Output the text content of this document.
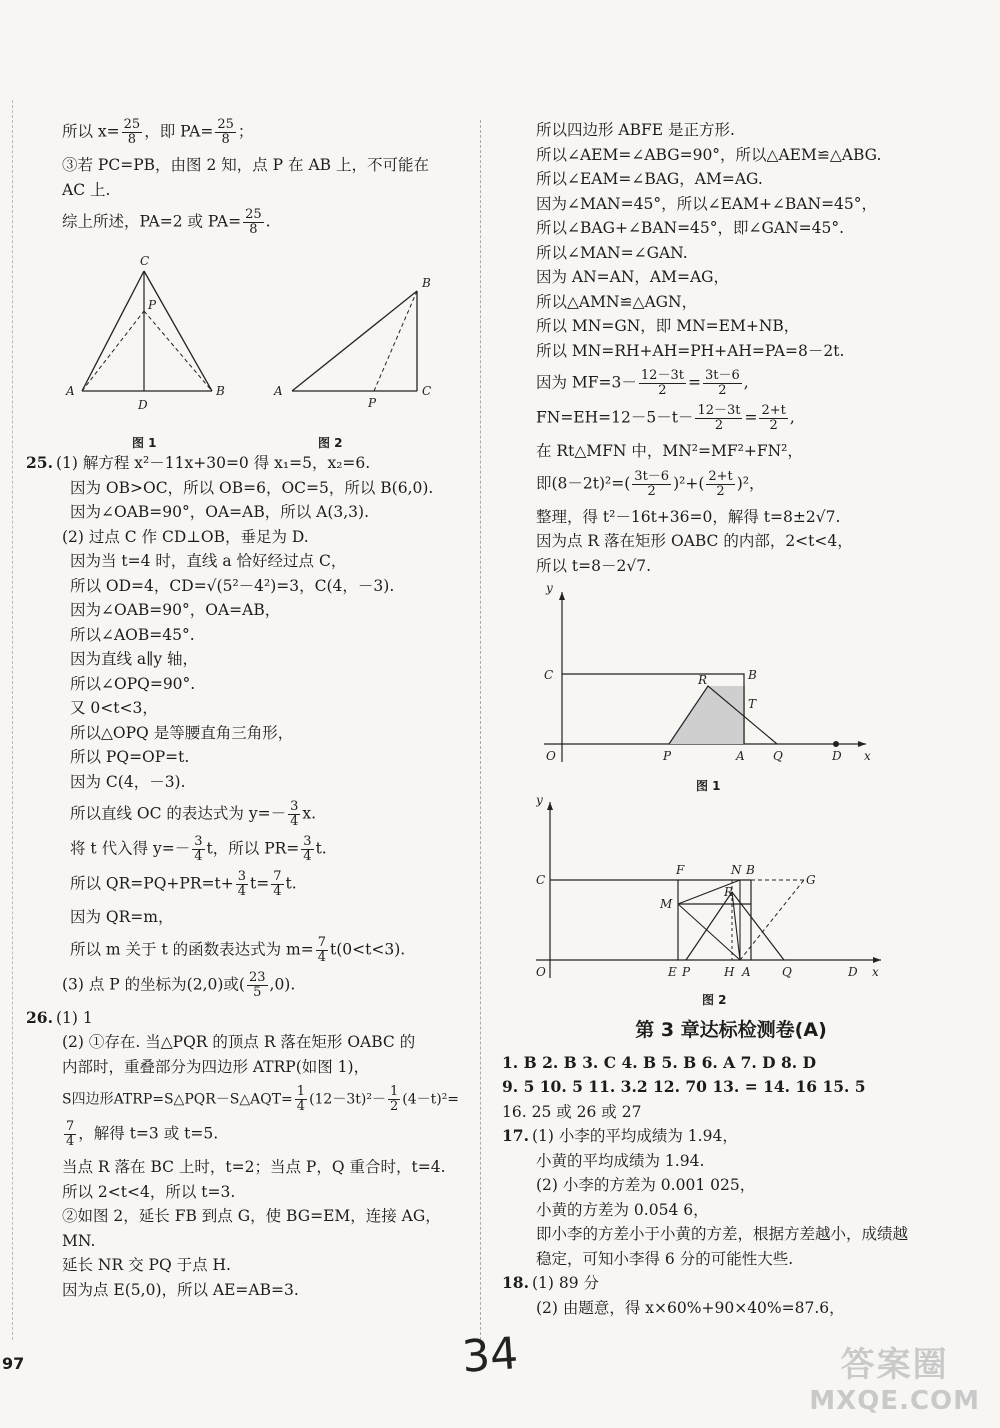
所以 $x= \frac{25}{8}$ ，即 $PA= \frac{25}{8}$ ；
③若 PC=PB，由图 2 知，点 P 在 AB 上，不可能在
AC 上.
综上所述，PA=2 或 $PA= \frac{25}{8}$ .
C
P
A
D
B
B
A
P
C
图 1	图 2
25. (1) 解方程 x²－11x+30=0 得 x₁=5，x₂=6.
因为 OB>OC，所以 OB=6，OC=5，所以 B(6,0).
因为∠OAB=90°，OA=AB，所以 A(3,3).
(2) 过点 C 作 CD⊥OB，垂足为 D.
因为当 t=4 时，直线 a 恰好经过点 C，
所以 OD=4，CD=√(5²－4²)=3，C(4，－3).
因为∠OAB=90°，OA=AB，
所以∠AOB=45°.
因为直线 a∥y 轴，
所以∠OPQ=90°.
又 0<t<3，
所以△OPQ 是等腰直角三角形，
所以 PQ=OP=t.
因为 C(4，－3).
所以直线 OC 的表达式为 $y=- \frac{3}{4} x$.
将 t 代入得 $y=- \frac{3}{4}$ t，所以 $PR= \frac{3}{4} t$.
所以 $QR=PQ+PR=t+ \frac{3}{4} t= \frac{7}{4} t$.
因为 QR=m，
所以 m 关于 t 的函数表达式为 $m= \frac{7}{4} t(0<t<3)$.
(3) 点 P 的坐标为(2,0)或( $\frac{23}{5} ,0$).
26. (1) 1
(2) ①存在. 当△PQR 的顶点 R 落在矩形 OABC 的
内部时，重叠部分为四边形 ATRP(如图 1)，
S四边形ATRP=S△PQR－S△AQT= $\frac{1}{4} (12-3t)^2- \frac{1}{2} (4-t)^2=$
$\frac{7}{4}$ ，解得 t=3 或 t=5.
当点 R 落在 BC 上时，t=2；当点 P，Q 重合时，t=4.
所以 2<t<4，所以 t=3.
②如图 2，延长 FB 到点 G，使 BG=EM，连接 AG，
MN.
延长 NR 交 PQ 于点 H.
因为点 E(5,0)，所以 AE=AB=3.
所以四边形 ABFE 是正方形.
所以∠AEM=∠ABG=90°，所以△AEM≌△ABG.
所以∠EAM=∠BAG，AM=AG.
因为∠MAN=45°，所以∠EAM+∠BAN=45°，
所以∠BAG+∠BAN=45°，即∠GAN=45°.
所以∠MAN=∠GAN.
因为 AN=AN，AM=AG，
所以△AMN≌△AGN，
所以 MN=GN，即 MN=EM+NB，
所以 MN=RH+AH=PH+AH=PA=8－2t.
因为 $MF=3- \frac{12-3t}{2} = \frac{3t-6}{2}$ ,
$FN=EH=12-5-t- \frac{12-3t}{2} = \frac{2+t}{2}$ ,
在 Rt△MFN 中，MN²=MF²+FN²，
即$(8-2t)^2=( \frac{3t-6}{2} )^2+( \frac{2+t}{2} )^2$，
整理，得 t²－16t+36=0，解得 t=8±2√7.
因为点 R 落在矩形 OABC 的内部，2<t<4，
所以 t=8－2√7.
y
C	B
R
T
O	P	A Q	D x
图 1
y
C
F	N B
G
M
R
O	E P	H A	Q	D x
图 2
第 3 章达标检测卷(A)
1. B 2. B 3. C 4. B 5. B 6. A 7. D 8. D
9. 5 10. 5 11. 3.2 12. 70 13. = 14. 16 15. 5
16. 25 或 26 或 27
17. (1) 小李的平均成绩为 1.94，
小黄的平均成绩为 1.94.
(2) 小李的方差为 0.001 025，
小黄的方差为 0.054 6，
即小李的方差小于小黄的方差，根据方差越小，成绩越
稳定，可知小李得 6 分的可能性大些.
18. (1) 89 分
(2) 由题意，得 x×60%+90×40%=87.6，
97	34	答案圈
MXQE.COM
